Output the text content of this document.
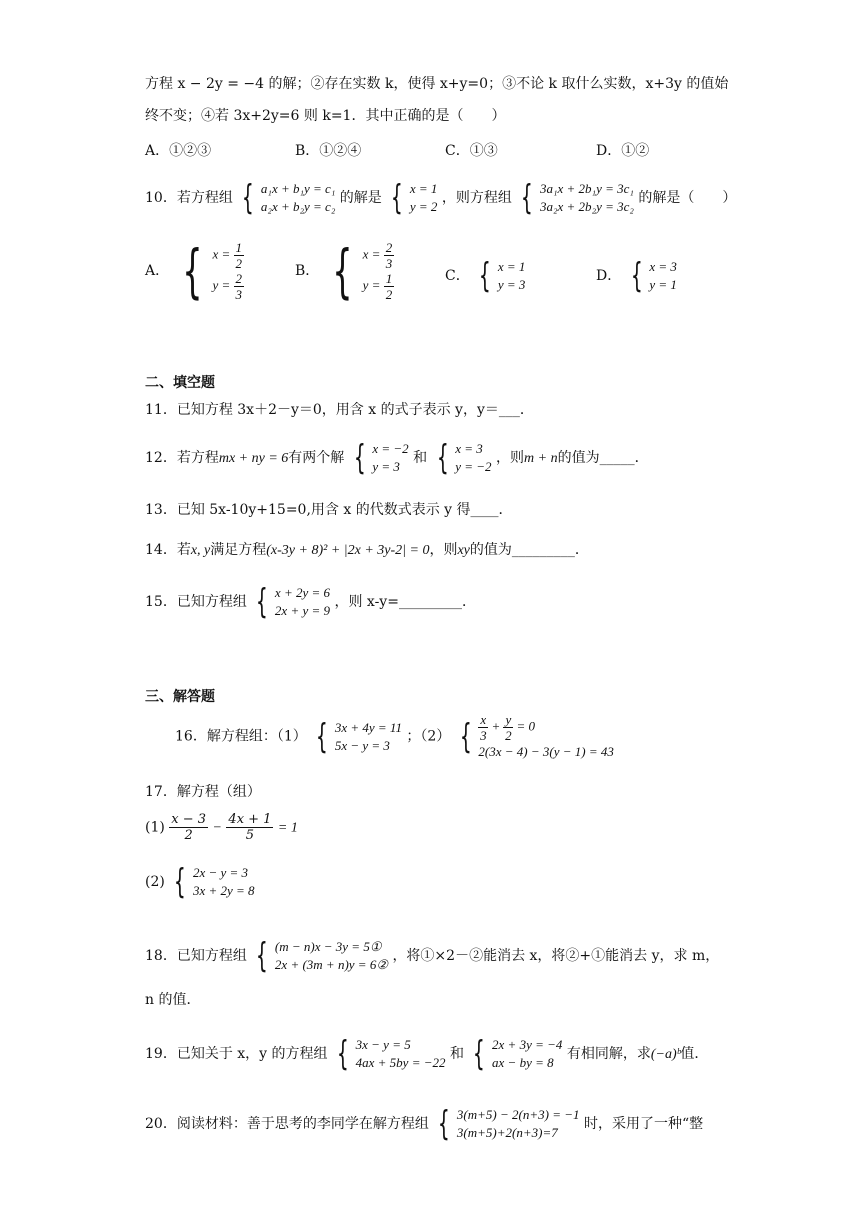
方程 x − 2y = −4 的解；②存在实数 k，使得 x+y=0；③不论 k 取什么实数，x+3y 的值始
终不变；④若 3x+2y=6 则 k=1．其中正确的是（　　）
A．①②③	B．①②④	C．①③	D．①②
10．若方程组 { a₁x + b₁y = c₁
a₂x + b₂y = c₂
的解是 { x = 1
y = 2
，则方程组 { 3a₁x + 2b₁y = 3c₁
3a₂x + 2b₂y = 3c₂
的解是（　　）
A． { $x = \frac{1}{2}$
$y = \frac{2}{3}$	B． { $x = \frac{2}{3}$
$y = \frac{1}{2}$	C． { x = 1
y = 3
D． { x = 3
y = 1
二、填空题
11．已知方程 3x＋2－y＝0，用含 x 的式子表示 y，y＝___．
12．若方程mx + ny = 6有两个解 { x = −2
y = 3
和 { x = 3
y = −2
，则m + n的值为_____．
13．已知 5x-10y+15=0,用含 x 的代数式表示 y 得____．
14．若x, y满足方程(x-3y + 8)² + |2x + 3y-2| = 0，则xy的值为_________．
15．已知方程组 { x + 2y = 6
2x + y = 9
，则 x-y=_________．
三、解答题
16．解方程组：（1） { 3x + 4y = 11
5x − y = 3
；（2） { $\frac{x}{3} + \frac{y}{2} = 0$
2(3x − 4) − 3(y − 1) = 43
17．解方程（组）
$(1) \frac{x - 3}{2} - \frac{4x + 1}{5} = 1$
(2) { 2x − y = 3
3x + 2y = 8
18．已知方程组 { (m − n)x − 3y = 5①
2x + (3m + n)y = 6②
，将①×2－②能消去 x，将②+①能消去 y，求 m，
n 的值．
19．已知关于 x，y 的方程组 { 3x − y = 5
4ax + 5by = −22
和 { 2x + 3y = −4
ax − by = 8
有相同解，求(−a)ᵇ值．
20．阅读材料：善于思考的李同学在解方程组 { 3(m+5) − 2(n+3) = −1
3(m+5)+2(n+3)=7
时，采用了一种“整
